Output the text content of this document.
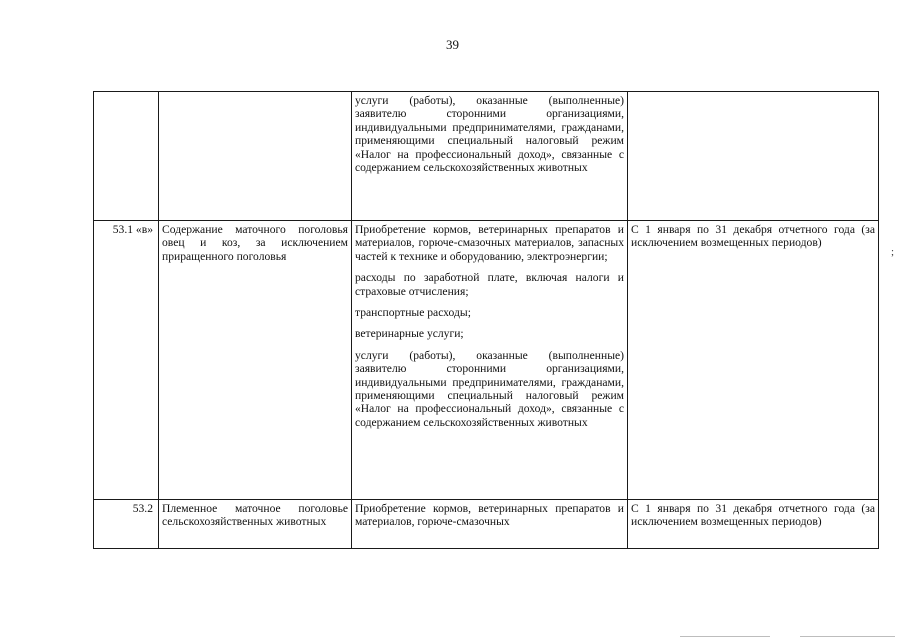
39

		услуги (работы), оказанные (выполненные) заявителю сторонними организациями, индивидуальными предпринимателями, гражданами, применяющими специальный налоговый режим «Налог на профессиональный доход», связанные с содержанием сельскохозяйственных животных	

53.1 «в»	Содержание маточного поголовья овец и коз, за исключением приращенного поголовья	Приобретение кормов, ветеринарных препаратов и материалов, горюче-смазочных материалов, запасных частей к технике и оборудованию, электроэнергии;

расходы по заработной плате, включая налоги и страховые отчисления;

транспортные расходы;

ветеринарные услуги;

услуги (работы), оказанные (выполненные) заявителю сторонними организациями, индивидуальными предпринимателями, гражданами, применяющими специальный налоговый режим «Налог на профессиональный доход», связанные с содержанием сельскохозяйственных животных	С 1 января по 31 декабря отчетного года (за исключением возмещенных периодов)
53.2	Племенное маточное поголовье сельскохозяйственных животных	Приобретение кормов, ветеринарных препаратов и материалов, горюче-смазочных	С 1 января по 31 декабря отчетного года (за исключением возмещенных периодов)
;
